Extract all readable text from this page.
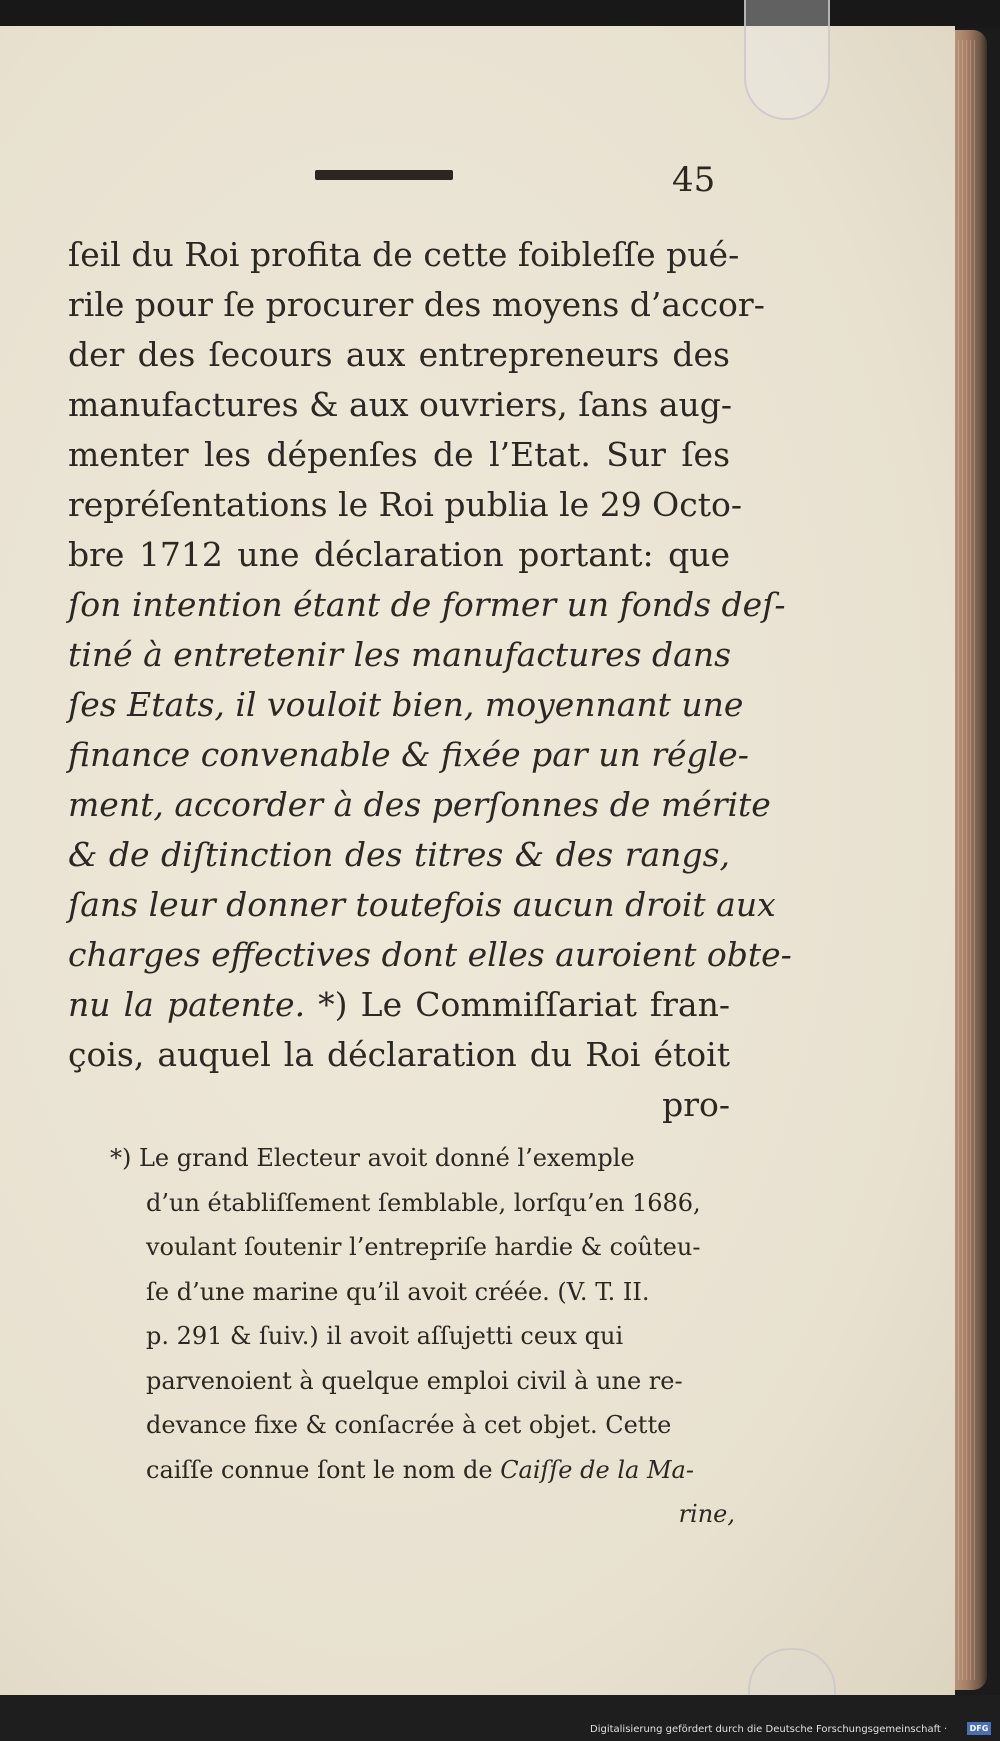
45
ſeil du Roi profita de cette foibleſſe pué-
rile pour ſe procurer des moyens d’accor-
der des ſecours aux entrepreneurs des
manufactures & aux ouvriers, ſans aug-
menter les dépenſes de l’Etat. Sur ſes
repréſentations le Roi publia le 29 Octo-
bre 1712 une déclaration portant: que
ſon intention étant de former un fonds deſ-
tiné à entretenir les manufactures dans
ſes Etats, il vouloit bien, moyennant une
finance convenable & fixée par un régle-
ment, accorder à des perſonnes de mérite
& de diſtinction des titres & des rangs,
ſans leur donner toutefois aucun droit aux
charges effectives dont elles auroient obte-
nu la patente. *) Le Commiſſariat fran-
çois, auquel la déclaration du Roi étoit
pro-
*) Le grand Electeur avoit donné l’exemple
d’un établiſſement ſemblable, lorſqu’en 1686,
voulant ſoutenir l’entrepriſe hardie & coûteu-
ſe d’une marine qu’il avoit créée. (V. T. II.
p. 291 & ſuiv.) il avoit aſſujetti ceux qui
parvenoient à quelque emploi civil à une re-
devance fixe & conſacrée à cet objet. Cette
caiſſe connue ſont le nom de Caiſſe de la Ma-
rine,
Digitalisierung gefördert durch die Deutsche Forschungsgemeinschaft ·	DFG
